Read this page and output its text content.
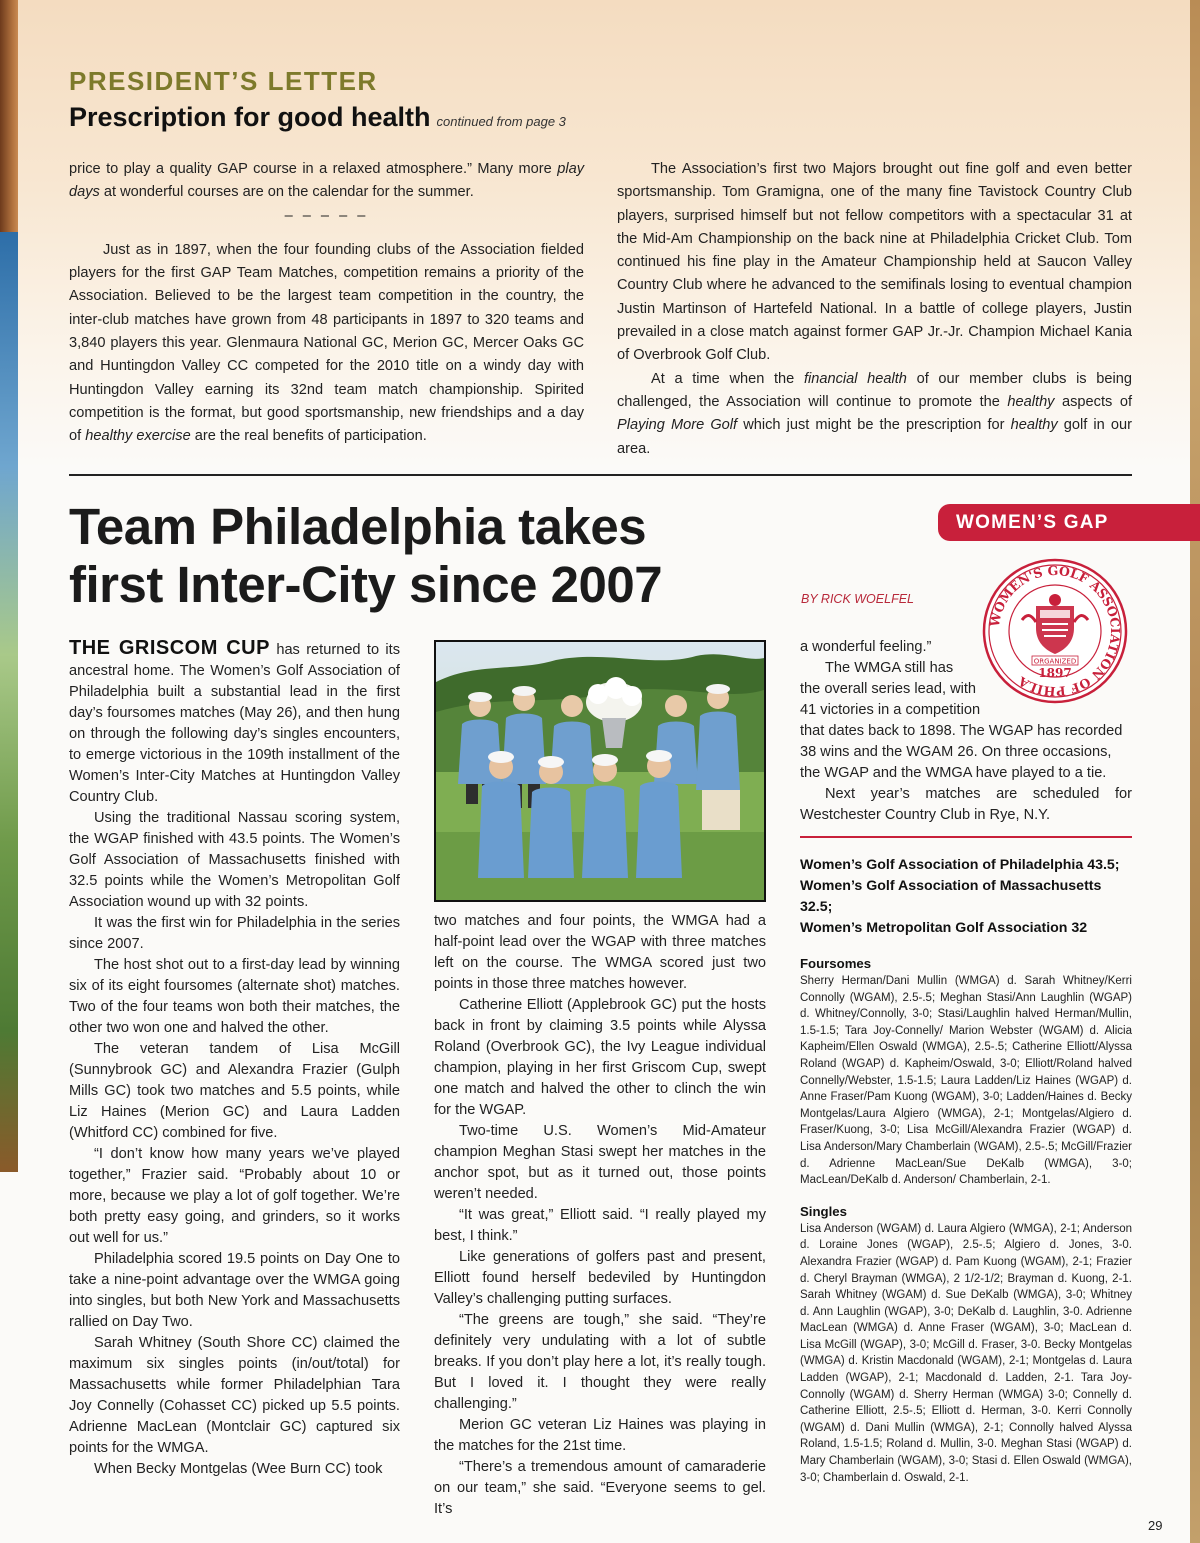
PRESIDENT’S LETTER
Prescription for good health continued from page 3

price to play a quality GAP course in a relaxed atmosphere.” Many more play days at wonderful courses are on the calendar for the summer.

– – – – –

Just as in 1897, when the four founding clubs of the Association fielded players for the first GAP Team Matches, competition remains a priority of the Association. Believed to be the largest team competition in the country, the inter-club matches have grown from 48 participants in 1897 to 320 teams and 3,840 players this year. Glenmaura National GC, Merion GC, Mercer Oaks GC and Huntingdon Valley CC competed for the 2010 title on a windy day with Huntingdon Valley earning its 32nd team match championship. Spirited competition is the format, but good sportsmanship, new friendships and a day of healthy exercise are the real benefits of participation.

The Association’s first two Majors brought out fine golf and even better sportsmanship. Tom Gramigna, one of the many fine Tavistock Country Club players, surprised himself but not fellow competitors with a spectacular 31 at the Mid-Am Championship on the back nine at Philadelphia Cricket Club. Tom continued his fine play in the Amateur Championship held at Saucon Valley Country Club where he advanced to the semifinals losing to eventual champion Justin Martinson of Hartefeld National. In a battle of college players, Justin prevailed in a close match against former GAP Jr.-Jr. Champion Michael Kania of Overbrook Golf Club.

At a time when the financial health of our member clubs is being challenged, the Association will continue to promote the healthy aspects of Playing More Golf which just might be the prescription for healthy golf in our area.

WOMEN’S GAP
Team Philadelphia takes
first Inter-City since 2007	BY RICK WOELFEL
WOMEN'S GOLF ASSOCIATION OF PHILA
ORGANIZED
1897

THE GRISCOM CUP has returned to its ancestral home. The Women’s Golf Association of Philadelphia built a substantial lead in the first day’s foursomes matches (May 26), and then hung on through the following day’s singles encounters, to emerge victorious in the 109th installment of the Women’s Inter-City Matches at Huntingdon Valley Country Club.

Using the traditional Nassau scoring system, the WGAP finished with 43.5 points. The Women’s Golf Association of Massachusetts finished with 32.5 points while the Women’s Metropolitan Golf Association wound up with 32 points.

It was the first win for Philadelphia in the series since 2007.

The host shot out to a first-day lead by winning six of its eight foursomes (alternate shot) matches. Two of the four teams won both their matches, the other two won one and halved the other.

The veteran tandem of Lisa McGill (Sunnybrook GC) and Alexandra Frazier (Gulph Mills GC) took two matches and 5.5 points, while Liz Haines (Merion GC) and Laura Ladden (Whitford CC) combined for five.

“I don’t know how many years we’ve played together,” Frazier said. “Probably about 10 or more, because we play a lot of golf together. We’re both pretty easy going, and grinders, so it works out well for us.”

Philadelphia scored 19.5 points on Day One to take a nine-point advantage over the WMGA going into singles, but both New York and Massachusetts rallied on Day Two.

Sarah Whitney (South Shore CC) claimed the maximum six singles points (in/out/total) for Massachusetts while former Philadelphian Tara Joy Connelly (Cohasset CC) picked up 5.5 points. Adrienne MacLean (Montclair GC) captured six points for the WMGA.

When Becky Montgelas (Wee Burn CC) took

two matches and four points, the WMGA had a half-point lead over the WGAP with three matches left on the course. The WMGA scored just two points in those three matches however.

Catherine Elliott (Applebrook GC) put the hosts back in front by claiming 3.5 points while Alyssa Roland (Overbrook GC), the Ivy League individual champion, playing in her first Griscom Cup, swept one match and halved the other to clinch the win for the WGAP.

Two-time U.S. Women’s Mid-Amateur champion Meghan Stasi swept her matches in the anchor spot, but as it turned out, those points weren’t needed.

“It was great,” Elliott said. “I really played my best, I think.”

Like generations of golfers past and present, Elliott found herself bedeviled by Huntingdon Valley’s challenging putting surfaces.

“The greens are tough,” she said. “They’re definitely very undulating with a lot of subtle breaks. If you don’t play here a lot, it’s really tough. But I loved it. I thought they were really challenging.”

Merion GC veteran Liz Haines was playing in the matches for the 21st time.

“There’s a tremendous amount of camaraderie on our team,” she said. “Everyone seems to gel. It’s

a wonderful feeling.”

The WMGA still has
the overall series lead, with
41 victories in a competition
that dates back to 1898. The WGAP has recorded 38 wins and the WGAM 26. On three occasions, the WGAP and the WMGA have played to a tie.

Next year’s matches are scheduled for Westchester Country Club in Rye, N.Y.

Women’s Golf Association of Philadelphia 43.5;
Women’s Golf Association of Massachusetts 32.5;
Women’s Metropolitan Golf Association 32
Foursomes

Sherry Herman/Dani Mullin (WMGA) d. Sarah Whitney/Kerri Connolly (WGAM), 2.5-.5; Meghan Stasi/Ann Laughlin (WGAP) d. Whitney/Connolly, 3-0; Stasi/Laughlin halved Herman/Mullin, 1.5-1.5; Tara Joy-Connelly/ Marion Webster (WGAM) d. Alicia Kapheim/Ellen Oswald (WMGA), 2.5-.5; Catherine Elliott/Alyssa Roland (WGAP) d. Kapheim/Oswald, 3-0; Elliott/Roland halved Connelly/Webster, 1.5-1.5; Laura Ladden/Liz Haines (WGAP) d. Anne Fraser/Pam Kuong (WGAM), 3-0; Ladden/Haines d. Becky Montgelas/Laura Algiero (WMGA), 2-1; Montgelas/Algiero d. Fraser/Kuong, 3-0; Lisa McGill/Alexandra Frazier (WGAP) d. Lisa Anderson/Mary Chamberlain (WGAM), 2.5-.5; McGill/Frazier d. Adrienne MacLean/Sue DeKalb (WMGA), 3-0; MacLean/DeKalb d. Anderson/ Chamberlain, 2-1.

Singles

Lisa Anderson (WGAM) d. Laura Algiero (WMGA), 2-1; Anderson d. Loraine Jones (WGAP), 2.5-.5; Algiero d. Jones, 3-0. Alexandra Frazier (WGAP) d. Pam Kuong (WGAM), 2-1; Frazier d. Cheryl Brayman (WMGA), 2 1/2-1/2; Brayman d. Kuong, 2-1. Sarah Whitney (WGAM) d. Sue DeKalb (WMGA), 3-0; Whitney d. Ann Laughlin (WGAP), 3-0; DeKalb d. Laughlin, 3-0. Adrienne MacLean (WMGA) d. Anne Fraser (WGAM), 3-0; MacLean d. Lisa McGill (WGAP), 3-0; McGill d. Fraser, 3-0. Becky Montgelas (WMGA) d. Kristin Macdonald (WGAM), 2-1; Montgelas d. Laura Ladden (WGAP), 2-1; Macdonald d. Ladden, 2-1. Tara Joy-Connolly (WGAM) d. Sherry Herman (WMGA) 3-0; Connelly d. Catherine Elliott, 2.5-.5; Elliott d. Herman, 3-0. Kerri Connolly (WGAM) d. Dani Mullin (WMGA), 2-1; Connolly halved Alyssa Roland, 1.5-1.5; Roland d. Mullin, 3-0. Meghan Stasi (WGAP) d. Mary Chamberlain (WGAM), 3-0; Stasi d. Ellen Oswald (WMGA), 3-0; Chamberlain d. Oswald, 2-1.

29
